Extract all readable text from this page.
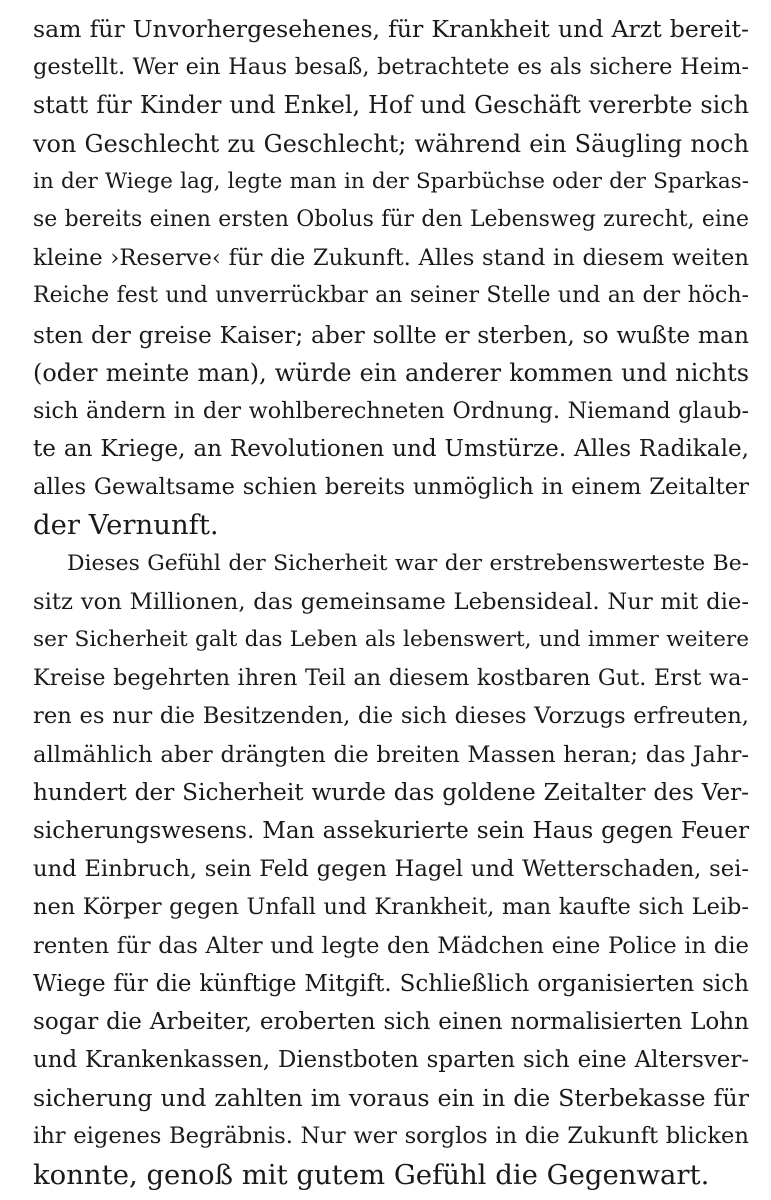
sam für Unvorhergesehenes, für Krankheit und Arzt bereit-
gestellt. Wer ein Haus besaß, betrachtete es als sichere Heim-
statt für Kinder und Enkel, Hof und Geschäft vererbte sich
von Geschlecht zu Geschlecht; während ein Säugling noch
in der Wiege lag, legte man in der Sparbüchse oder der Sparkas-
se bereits einen ersten Obolus für den Lebensweg zurecht, eine
kleine ›Reserve‹ für die Zukunft. Alles stand in diesem weiten
Reiche fest und unverrückbar an seiner Stelle und an der höch-
sten der greise Kaiser; aber sollte er sterben, so wußte man
(oder meinte man), würde ein anderer kommen und nichts
sich ändern in der wohlberechneten Ordnung. Niemand glaub-
te an Kriege, an Revolutionen und Umstürze. Alles Radikale,
alles Gewaltsame schien bereits unmöglich in einem Zeitalter
der Vernunft.
Dieses Gefühl der Sicherheit war der erstrebenswerteste Be-
sitz von Millionen, das gemeinsame Lebensideal. Nur mit die-
ser Sicherheit galt das Leben als lebenswert, und immer weitere
Kreise begehrten ihren Teil an diesem kostbaren Gut. Erst wa-
ren es nur die Besitzenden, die sich dieses Vorzugs erfreuten,
allmählich aber drängten die breiten Massen heran; das Jahr-
hundert der Sicherheit wurde das goldene Zeitalter des Ver-
sicherungswesens. Man assekurierte sein Haus gegen Feuer
und Einbruch, sein Feld gegen Hagel und Wetterschaden, sei-
nen Körper gegen Unfall und Krankheit, man kaufte sich Leib-
renten für das Alter und legte den Mädchen eine Police in die
Wiege für die künftige Mitgift. Schließlich organisierten sich
sogar die Arbeiter, eroberten sich einen normalisierten Lohn
und Krankenkassen, Dienstboten sparten sich eine Altersver-
sicherung und zahlten im voraus ein in die Sterbekasse für
ihr eigenes Begräbnis. Nur wer sorglos in die Zukunft blicken
konnte, genoß mit gutem Gefühl die Gegenwart.
